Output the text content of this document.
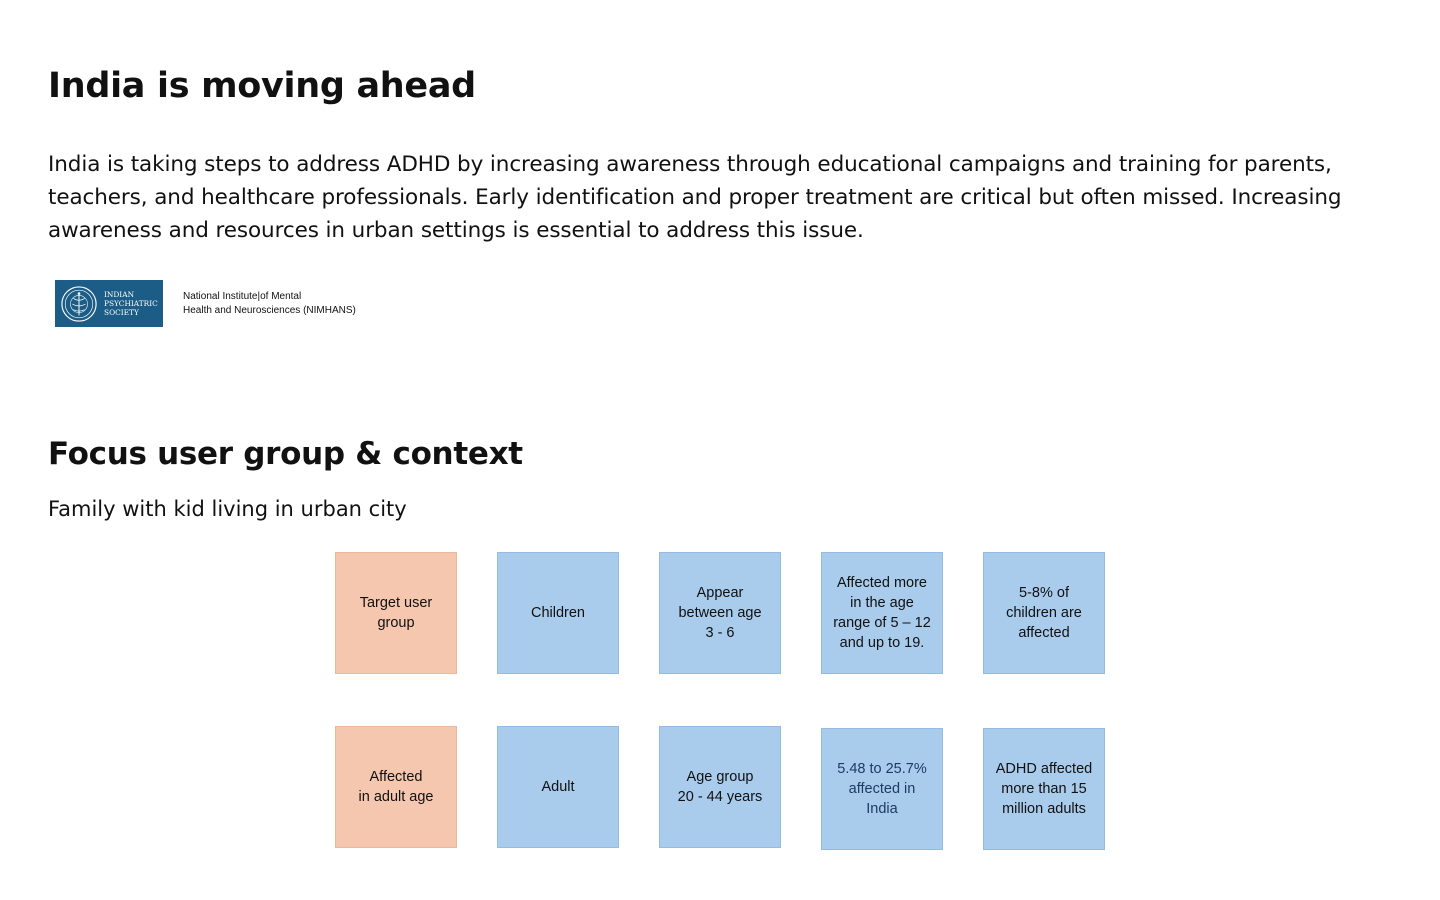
India is moving ahead

India is taking steps to address ADHD by increasing awareness through educational campaigns and training for parents, teachers, and healthcare professionals. Early identification and proper treatment are critical but often missed. Increasing awareness and resources in urban settings is essential to address this issue.

INDIAN
PSYCHIATRIC
SOCIETY
National Institute|of Mental
Health and Neurosciences (NIMHANS)
Focus user group & context

Family with kid living in urban city

Target user
group
Children
Appear
between age
3 - 6
Affected more
in the age
range of 5 – 12
and up to 19.
5-8% of
children are
affected
Affected
in adult age
Adult
Age group
20 - 44 years
5.48 to 25.7%
affected in
India
ADHD affected
more than 15
million adults
